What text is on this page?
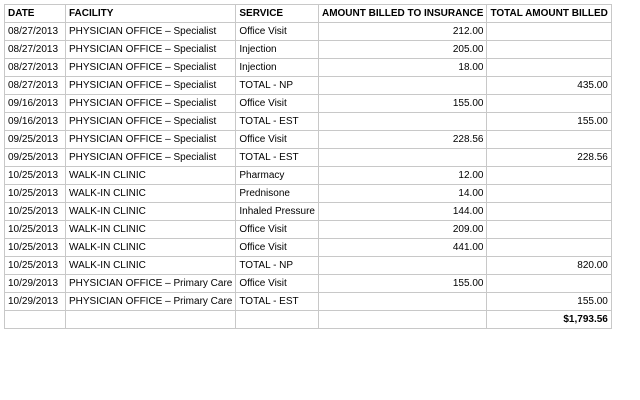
DATE	FACILITY	SERVICE	AMOUNT BILLED TO INSURANCE	TOTAL AMOUNT BILLED
08/27/2013	PHYSICIAN OFFICE – Specialist	Office Visit	212.00	
08/27/2013	PHYSICIAN OFFICE – Specialist	Injection	205.00	
08/27/2013	PHYSICIAN OFFICE – Specialist	Injection	18.00	
08/27/2013	PHYSICIAN OFFICE – Specialist	TOTAL - NP		435.00
09/16/2013	PHYSICIAN OFFICE – Specialist	Office Visit	155.00	
09/16/2013	PHYSICIAN OFFICE – Specialist	TOTAL - EST		155.00
09/25/2013	PHYSICIAN OFFICE – Specialist	Office Visit	228.56	
09/25/2013	PHYSICIAN OFFICE – Specialist	TOTAL - EST		228.56
10/25/2013	WALK-IN CLINIC	Pharmacy	12.00	
10/25/2013	WALK-IN CLINIC	Prednisone	14.00	
10/25/2013	WALK-IN CLINIC	Inhaled Pressure	144.00	
10/25/2013	WALK-IN CLINIC	Office Visit	209.00	
10/25/2013	WALK-IN CLINIC	Office Visit	441.00	
10/25/2013	WALK-IN CLINIC	TOTAL - NP		820.00
10/29/2013	PHYSICIAN OFFICE – Primary Care	Office Visit	155.00	
10/29/2013	PHYSICIAN OFFICE – Primary Care	TOTAL - EST		155.00
				$1,793.56
